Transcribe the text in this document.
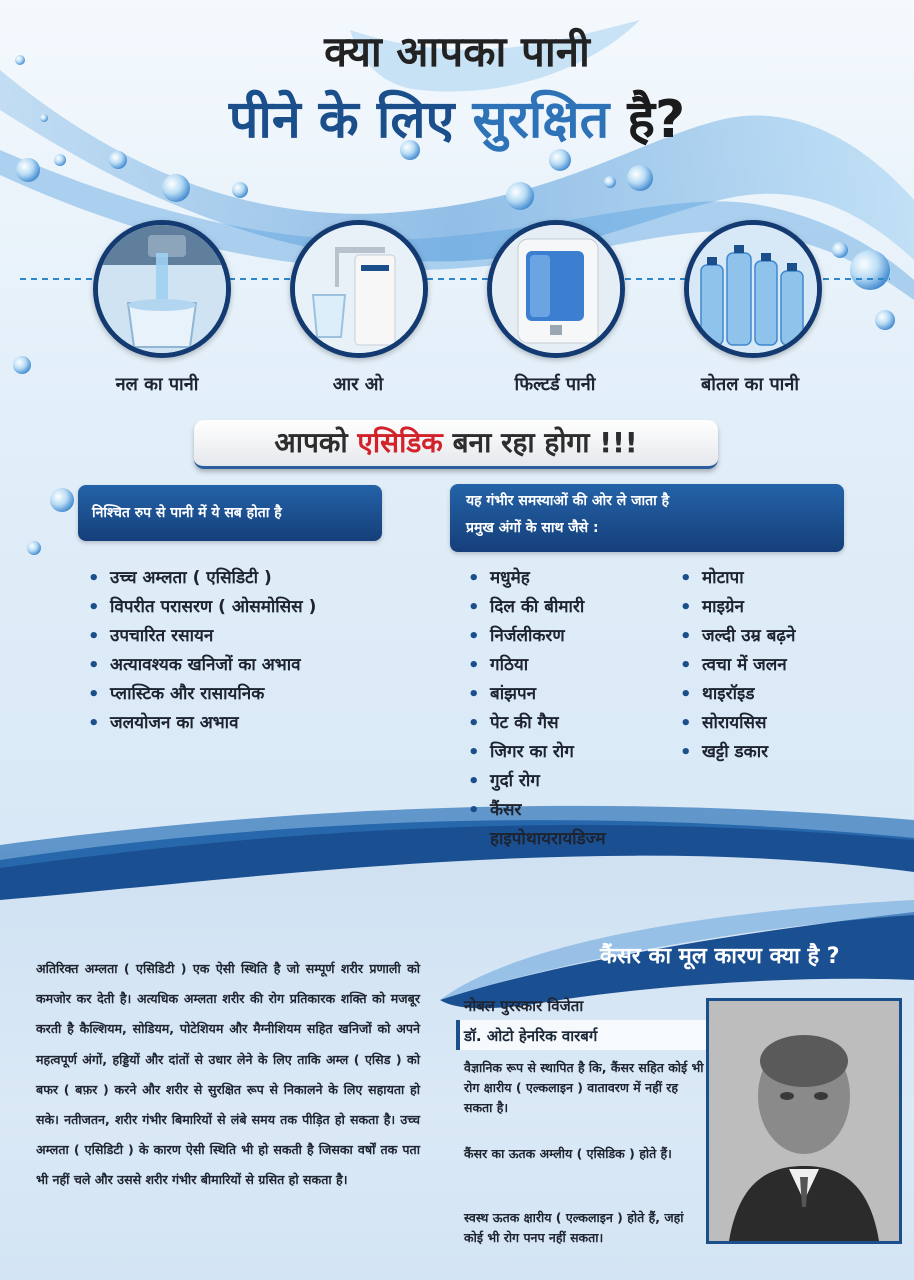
क्या आपका पानी
पीने के लिए सुरक्षित है?
नल का पानी	आर ओ	फिल्टर्ड पानी	बोतल का पानी
आपको एसिडिक बना रहा होगा !!!
निश्चित रुप से पानी में ये सब होता है
• उच्च अम्लता ( एसिडिटी )
• विपरीत परासरण ( ओसमोसिस )
• उपचारित रसायन
• अत्यावश्यक खनिजों का अभाव
• प्लास्टिक और रासायनिक
• जलयोजन का अभाव
यह गंभीर समस्याओं की ओर ले जाता है
प्रमुख अंगों के साथ जैसे :
• मधुमेह
• दिल की बीमारी
• निर्जलीकरण
• गठिया
• बांझपन
• पेट की गैस
• जिगर का रोग
• गुर्दा रोग
• कैंसर
• हाइपोथायरायडिज्म
• मोटापा
• माइग्रेन
• जल्दी उम्र बढ़ने
• त्वचा में जलन
• थाइरॉइड
• सोरायसिस
• खट्टी डकार
अतिरिक्त अम्लता ( एसिडिटी ) एक ऐसी स्थिति है जो सम्पूर्ण शरीर प्रणाली को कमजोर कर देती है। अत्यधिक अम्लता शरीर की रोग प्रतिकारक शक्ति को मजबूर करती है कैल्शियम, सोडियम, पोटेशियम और मैग्नीशियम सहित खनिजों को अपने महत्वपूर्ण अंगों, हड्डियों और दांतों से उधार लेने के लिए ताकि अम्ल ( एसिड ) को बफर ( बफ़र ) करने और शरीर से सुरक्षित रूप से निकालने के लिए सहायता हो सके। नतीजतन, शरीर गंभीर बिमारियों से लंबे समय तक पीड़ित हो सकता है। उच्च अम्लता ( एसिडिटी ) के कारण ऐसी स्थिति भी हो सकती है जिसका वर्षों तक पता भी नहीं चले और उससे शरीर गंभीर बीमारियों से ग्रसित हो सकता है।
कैंसर का मूल कारण क्या है ?
नोबल पुरस्कार विजेता
डॉ. ओटो हेनरिक वारबर्ग
वैज्ञानिक रूप से स्थापित है कि, कैंसर सहित कोई भी रोग क्षारीय ( एल्कलाइन ) वातावरण में नहीं रह सकता है।
कैंसर का ऊतक अम्लीय ( एसिडिक ) होते हैं।
स्वस्थ ऊतक क्षारीय ( एल्कलाइन ) होते हैं, जहां कोई भी रोग पनप नहीं सकता।
